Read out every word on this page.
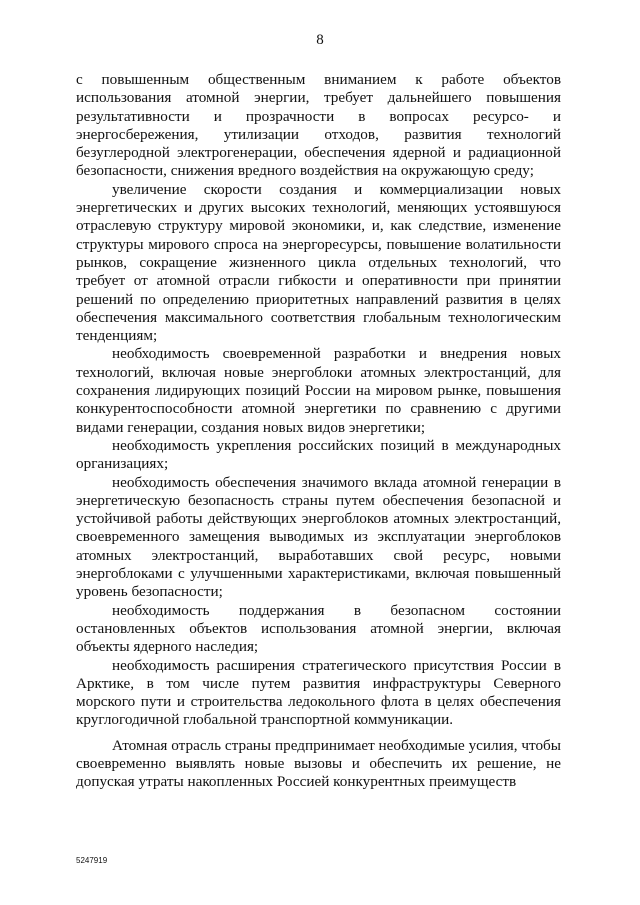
8

с повышенным общественным вниманием к работе объектов использования атомной энергии, требует дальнейшего повышения результативности и прозрачности в вопросах ресурсо- и энергосбережения, утилизации отходов, развития технологий безуглеродной электрогенерации, обеспечения ядерной и радиационной безопасности, снижения вредного воздействия на окружающую среду;

увеличение скорости создания и коммерциализации новых энергетических и других высоких технологий, меняющих устоявшуюся отраслевую структуру мировой экономики, и, как следствие, изменение структуры мирового спроса на энергоресурсы, повышение волатильности рынков, сокращение жизненного цикла отдельных технологий, что требует от атомной отрасли гибкости и оперативности при принятии решений по определению приоритетных направлений развития в целях обеспечения максимального соответствия глобальным технологическим тенденциям;

необходимость своевременной разработки и внедрения новых технологий, включая новые энергоблоки атомных электростанций, для сохранения лидирующих позиций России на мировом рынке, повышения конкурентоспособности атомной энергетики по сравнению с другими видами генерации, создания новых видов энергетики;

необходимость укрепления российских позиций в международных организациях;

необходимость обеспечения значимого вклада атомной генерации в энергетическую безопасность страны путем обеспечения безопасной и устойчивой работы действующих энергоблоков атомных электростанций, своевременного замещения выводимых из эксплуатации энергоблоков атомных электростанций, выработавших свой ресурс, новыми энергоблоками с улучшенными характеристиками, включая повышенный уровень безопасности;

необходимость поддержания в безопасном состоянии остановленных объектов использования атомной энергии, включая объекты ядерного наследия;

необходимость расширения стратегического присутствия России в Арктике, в том числе путем развития инфраструктуры Северного морского пути и строительства ледокольного флота в целях обеспечения круглогодичной глобальной транспортной коммуникации.

Атомная отрасль страны предпринимает необходимые усилия, чтобы своевременно выявлять новые вызовы и обеспечить их решение, не допуская утраты накопленных Россией конкурентных преимуществ

5247919
